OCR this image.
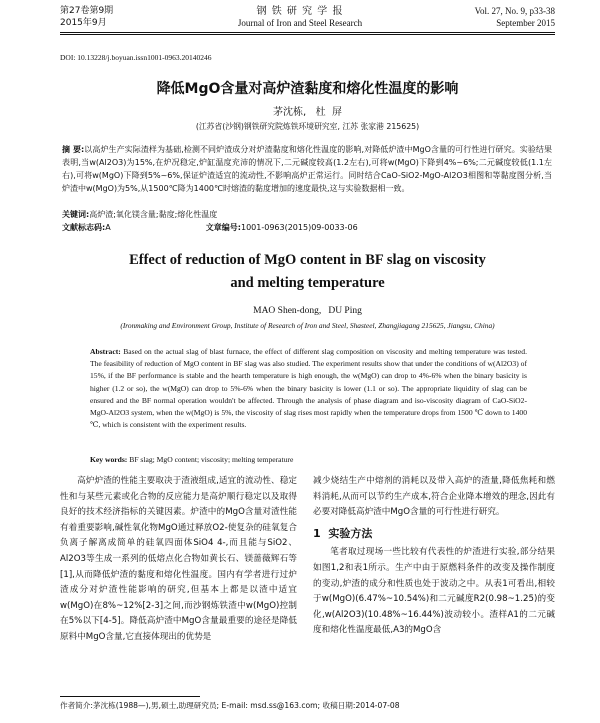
第27卷第9期
2015年9月
钢 铁 研 究 学 报
Journal of Iron and Steel Research
Vol. 27, No. 9, p33-38
September 2015
DOI: 10.13228/j.boyuan.issn1001-0963.20140246
降低MgO含量对高炉渣黏度和熔化性温度的影响
茅沈栋,   杜  屏
(江苏省(沙钢)钢铁研究院炼铁环境研究室, 江苏 张家港 215625)
摘 要:以高炉生产实际渣样为基础,检测不同炉渣成分对炉渣黏度和熔化性温度的影响,对降低炉渣中MgO含量的可行性进行研究。实验结果表明,当w(Al2O3)为15%,在炉况稳定,炉缸温度充沛的情况下,二元碱度较高(1.2左右),可将w(MgO)下降到4%~6%;二元碱度较低(1.1左右),可将w(MgO)下降到5%~6%,保证炉渣适宜的流动性,不影响高炉正常运行。同时结合CaO-SiO2-MgO-Al2O3相图和等黏度图分析,当炉渣中w(MgO)为5%,从1500℃降为1400℃时熔渣的黏度增加的速度最快,这与实验数据相一致。
关键词:高炉渣;氧化镁含量;黏度;熔化性温度
文献标志码:A	文章编号:1001-0963(2015)09-0033-06
Effect of reduction of MgO content in BF slag on viscosity and melting temperature
MAO Shen-dong,   DU Ping
(Ironmaking and Environment Group, Institute of Research of Iron and Steel, Shasteel, Zhangjiagang 215625, Jiangsu, China)
Abstract: Based on the actual slag of blast furnace, the effect of different slag composition on viscosity and melting temperature was tested. The feasibility of reduction of MgO content in BF slag was also studied. The experiment results show that under the conditions of w(Al2O3) of 15%, if the BF performance is stable and the hearth temperature is high enough, the w(MgO) can drop to 4%-6% when the binary basicity is higher (1.2 or so), the w(MgO) can drop to 5%-6% when the binary basicity is lower (1.1 or so). The appropriate liquidity of slag can be ensured and the BF normal operation wouldn't be affected. Through the analysis of phase diagram and iso-viscosity diagram of CaO-SiO2-MgO-Al2O3 system, when the w(MgO) is 5%, the viscosity of slag rises most rapidly when the temperature drops from 1500 ℃ down to 1400 ℃, which is consistent with the experiment results.
Key words: BF slag; MgO content; viscosity; melting temperature

高炉炉渣的性能主要取决于渣液组成,适宜的流动性、稳定性和与某些元素或化合物的反应能力是高炉顺行稳定以及取得良好的技术经济指标的关键因素。炉渣中的MgO含量对渣性能有着重要影响,碱性氧化物MgO通过释放O2-使复杂的硅氧复合负离子解离成简单的硅氧四面体SiO4 4-,而且能与SiO2、Al2O3等生成一系列的低熔点化合物如黄长石、镁蔷薇辉石等[1],从而降低炉渣的黏度和熔化性温度。国内有学者进行过炉渣成分对炉渣性能影响的研究,但基本上都是以渣中适宜w(MgO)在8%~12%[2-3]之间,而沙钢炼铁渣中w(MgO)控制在5%以下[4-5]。降低高炉渣中MgO含量最重要的途径是降低原料中MgO含量,它直接体现出的优势是

减少烧结生产中熔剂的消耗以及带入高炉的渣量,降低焦耗和燃料消耗,从而可以节约生产成本,符合企业降本增效的理念,因此有必要对降低高炉渣中MgO含量的可行性进行研究。

1 实验方法

笔者取过现场一些比较有代表性的炉渣进行实验,部分结果如图1,2和表1所示。生产中由于原燃料条件的改变及操作制度的变动,炉渣的成分和性质也处于波动之中。从表1可看出,相较于w(MgO)(6.47%~10.54%)和二元碱度R2(0.98~1.25)的变化,w(Al2O3)(10.48%~16.44%)波动较小。渣样A1的二元碱度和熔化性温度最低,A3的MgO含

作者简介:茅沈栋(1988—),男,硕士,助理研究员; E-mail: msd.ss@163.com; 收稿日期:2014-07-08
